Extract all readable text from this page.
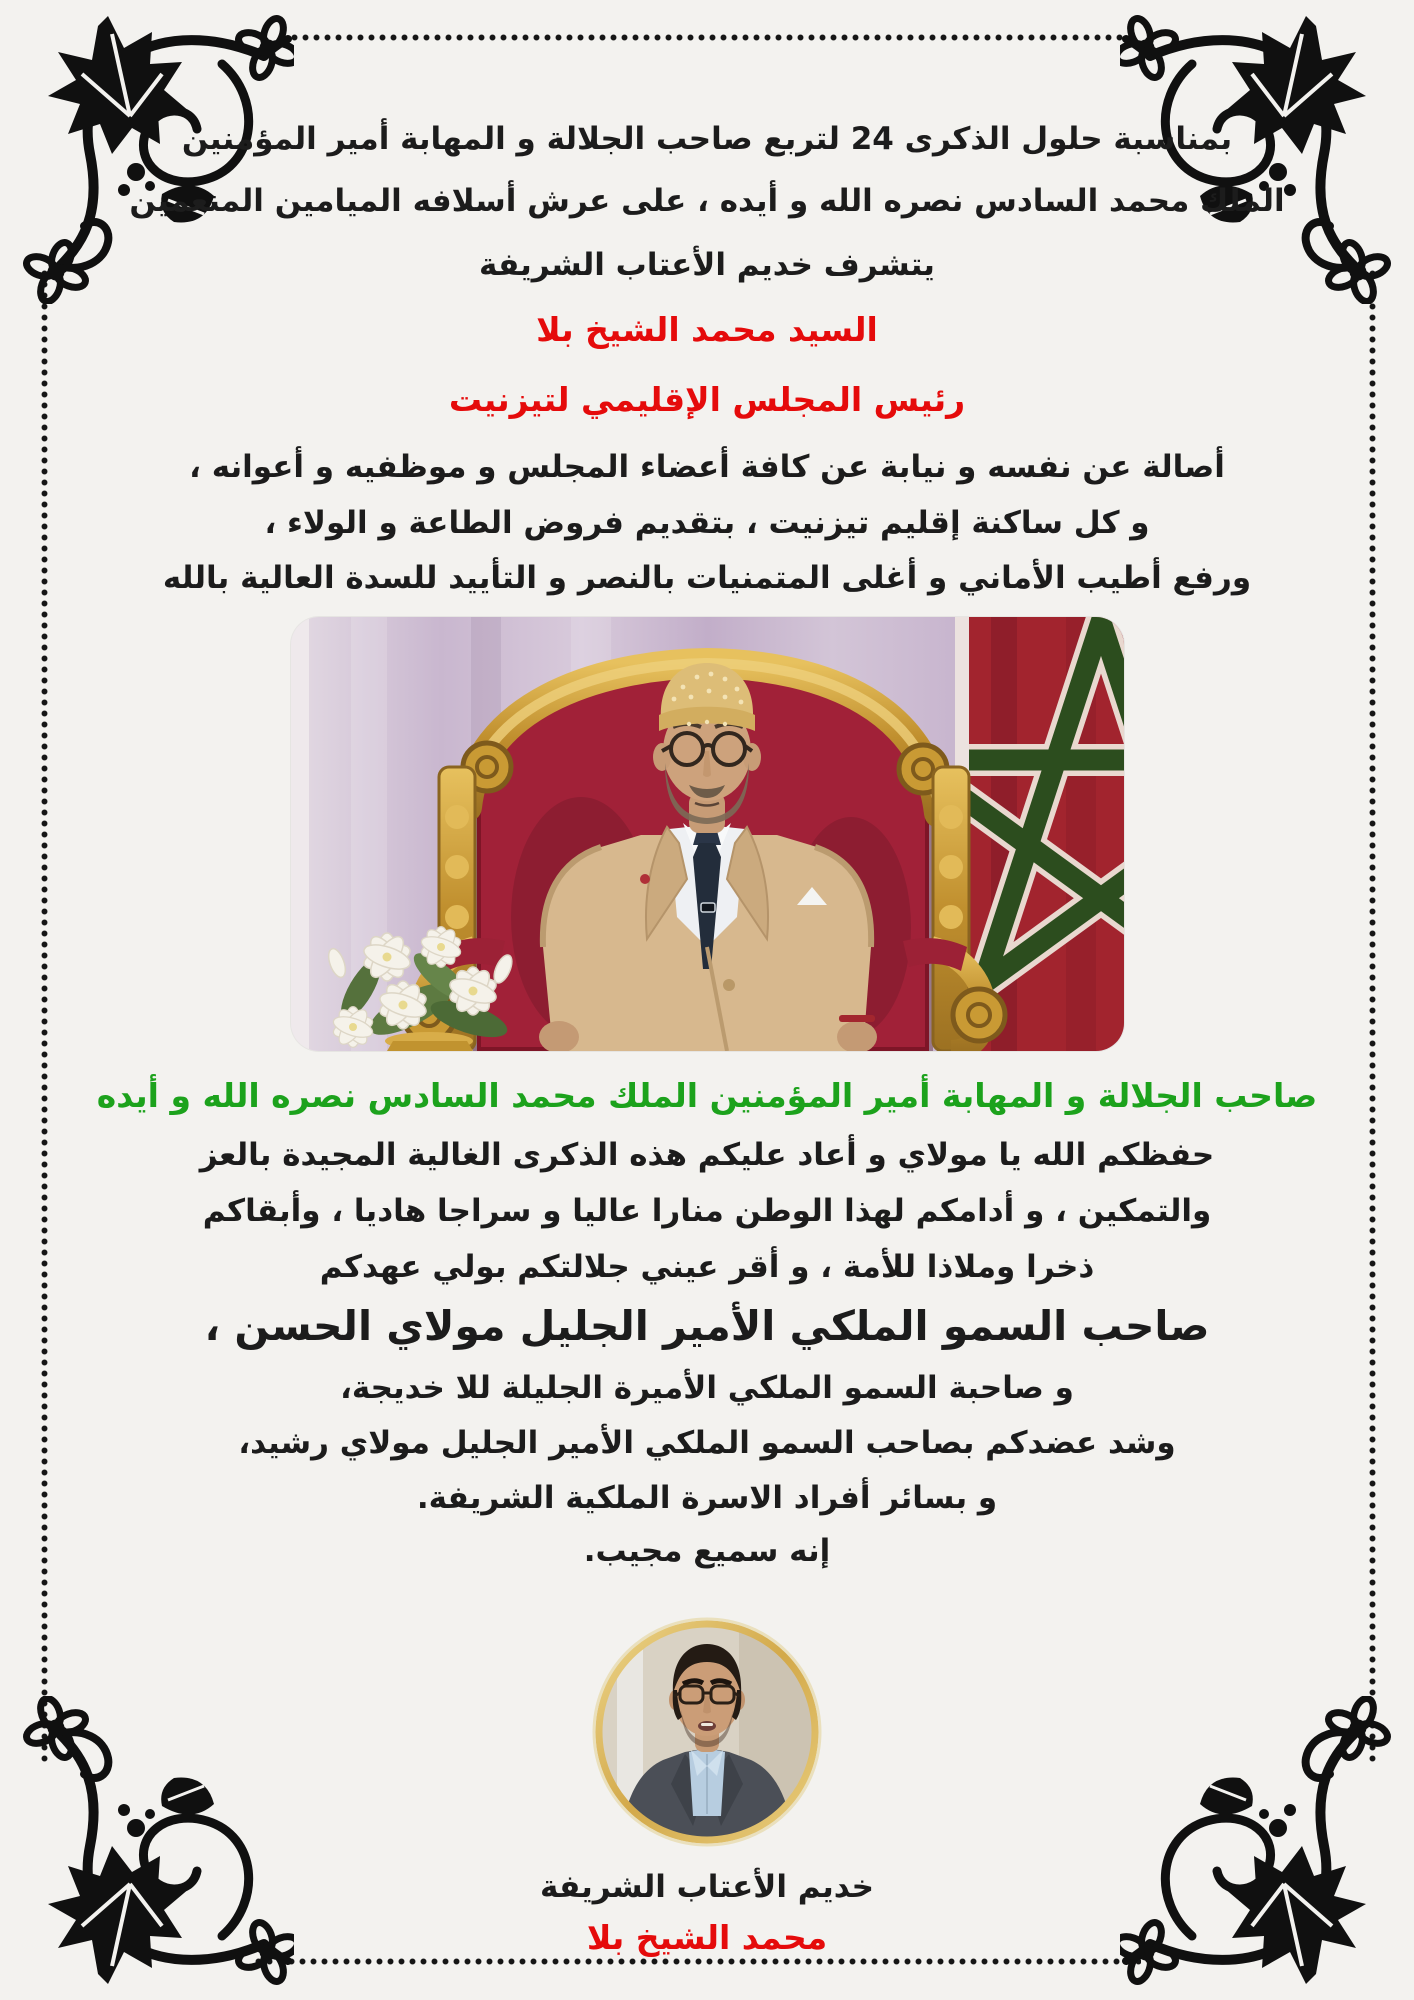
بمناسبة حلول الذكرى 24 لتربع صاحب الجلالة و المهابة أمير المؤمنين
الملك محمد السادس نصره الله و أيده ، على عرش أسلافه الميامين المنعمين
يتشرف خديم الأعتاب الشريفة
السيد محمد الشيخ بلا
رئيس المجلس الإقليمي لتيزنيت
أصالة عن نفسه و نيابة عن كافة أعضاء المجلس و موظفيه و أعوانه ،
و كل ساكنة إقليم تيزنيت ، بتقديم فروض الطاعة و الولاء ،
ورفع أطيب الأماني و أغلى المتمنيات بالنصر و التأييد للسدة العالية بالله
صاحب الجلالة و المهابة أمير المؤمنين الملك محمد السادس نصره الله و أيده
حفظكم الله يا مولاي و أعاد عليكم هذه الذكرى الغالية المجيدة بالعز
والتمكين ، و أدامكم لهذا الوطن منارا عاليا و سراجا هاديا ، وأبقاكم
ذخرا وملاذا للأمة ، و أقر عيني جلالتكم بولي عهدكم
صاحب السمو الملكي الأمير الجليل مولاي الحسن ،
و صاحبة السمو الملكي الأميرة الجليلة للا خديجة،
وشد عضدكم بصاحب السمو الملكي الأمير الجليل مولاي رشيد،
و بسائر أفراد الاسرة الملكية الشريفة.
إنه سميع مجيب.
خديم الأعتاب الشريفة
محمد الشيخ بلا
